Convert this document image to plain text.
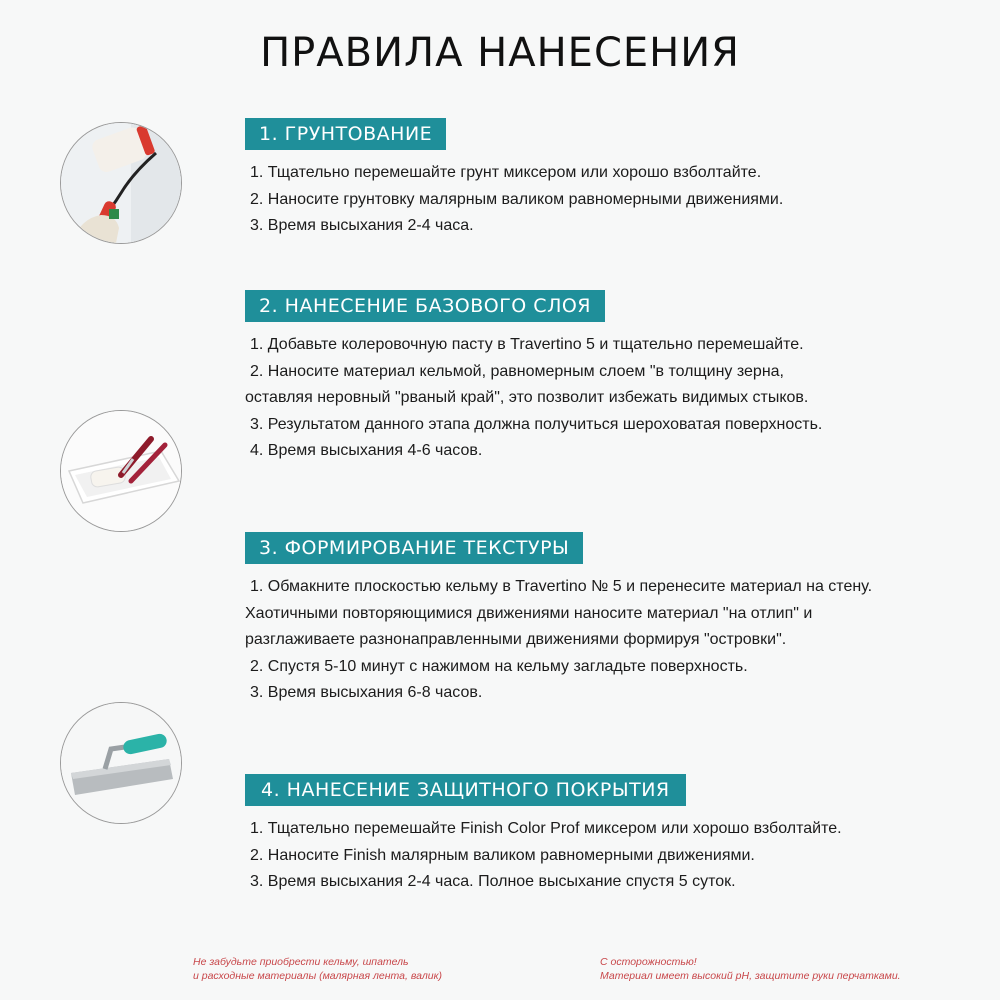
ПРАВИЛА НАНЕСЕНИЯ
1. ГРУНТОВАНИЕ
1. Тщательно перемешайте грунт миксером или хорошо взболтайте.
2. Наносите грунтовку малярным валиком равномерными движениями.
3. Время высыхания 2-4 часа.
2. НАНЕСЕНИЕ БАЗОВОГО СЛОЯ
1. Добавьте колеровочную пасту в Travertino 5 и тщательно перемешайте.
2. Наносите материал кельмой, равномерным слоем "в толщину зерна,
оставляя неровный "рваный край", это позволит избежать видимых стыков.
3. Результатом данного этапа должна получиться шероховатая поверхность.
4. Время высыхания 4-6 часов.
3. ФОРМИРОВАНИЕ ТЕКСТУРЫ
1. Обмакните плоскостью кельму в Travertino № 5 и перенесите материал на стену.
Хаотичными повторяющимися движениями наносите материал "на отлип" и
разглаживаете разнонаправленными движениями формируя "островки".
2. Спустя 5-10 минут с нажимом на кельму загладьте поверхность.
3. Время высыхания 6-8 часов.
4. НАНЕСЕНИЕ ЗАЩИТНОГО ПОКРЫТИЯ
1. Тщательно перемешайте Finish Color Prof миксером или хорошо взболтайте.
2. Наносите Finish малярным валиком равномерными движениями.
3. Время высыхания 2-4 часа. Полное высыхание спустя 5 суток.
Не забудьте приобрести кельму, шпатель
и расходные материалы (малярная лента, валик)
С осторожностью!
Материал имеет высокий pH, защитите руки перчатками.
